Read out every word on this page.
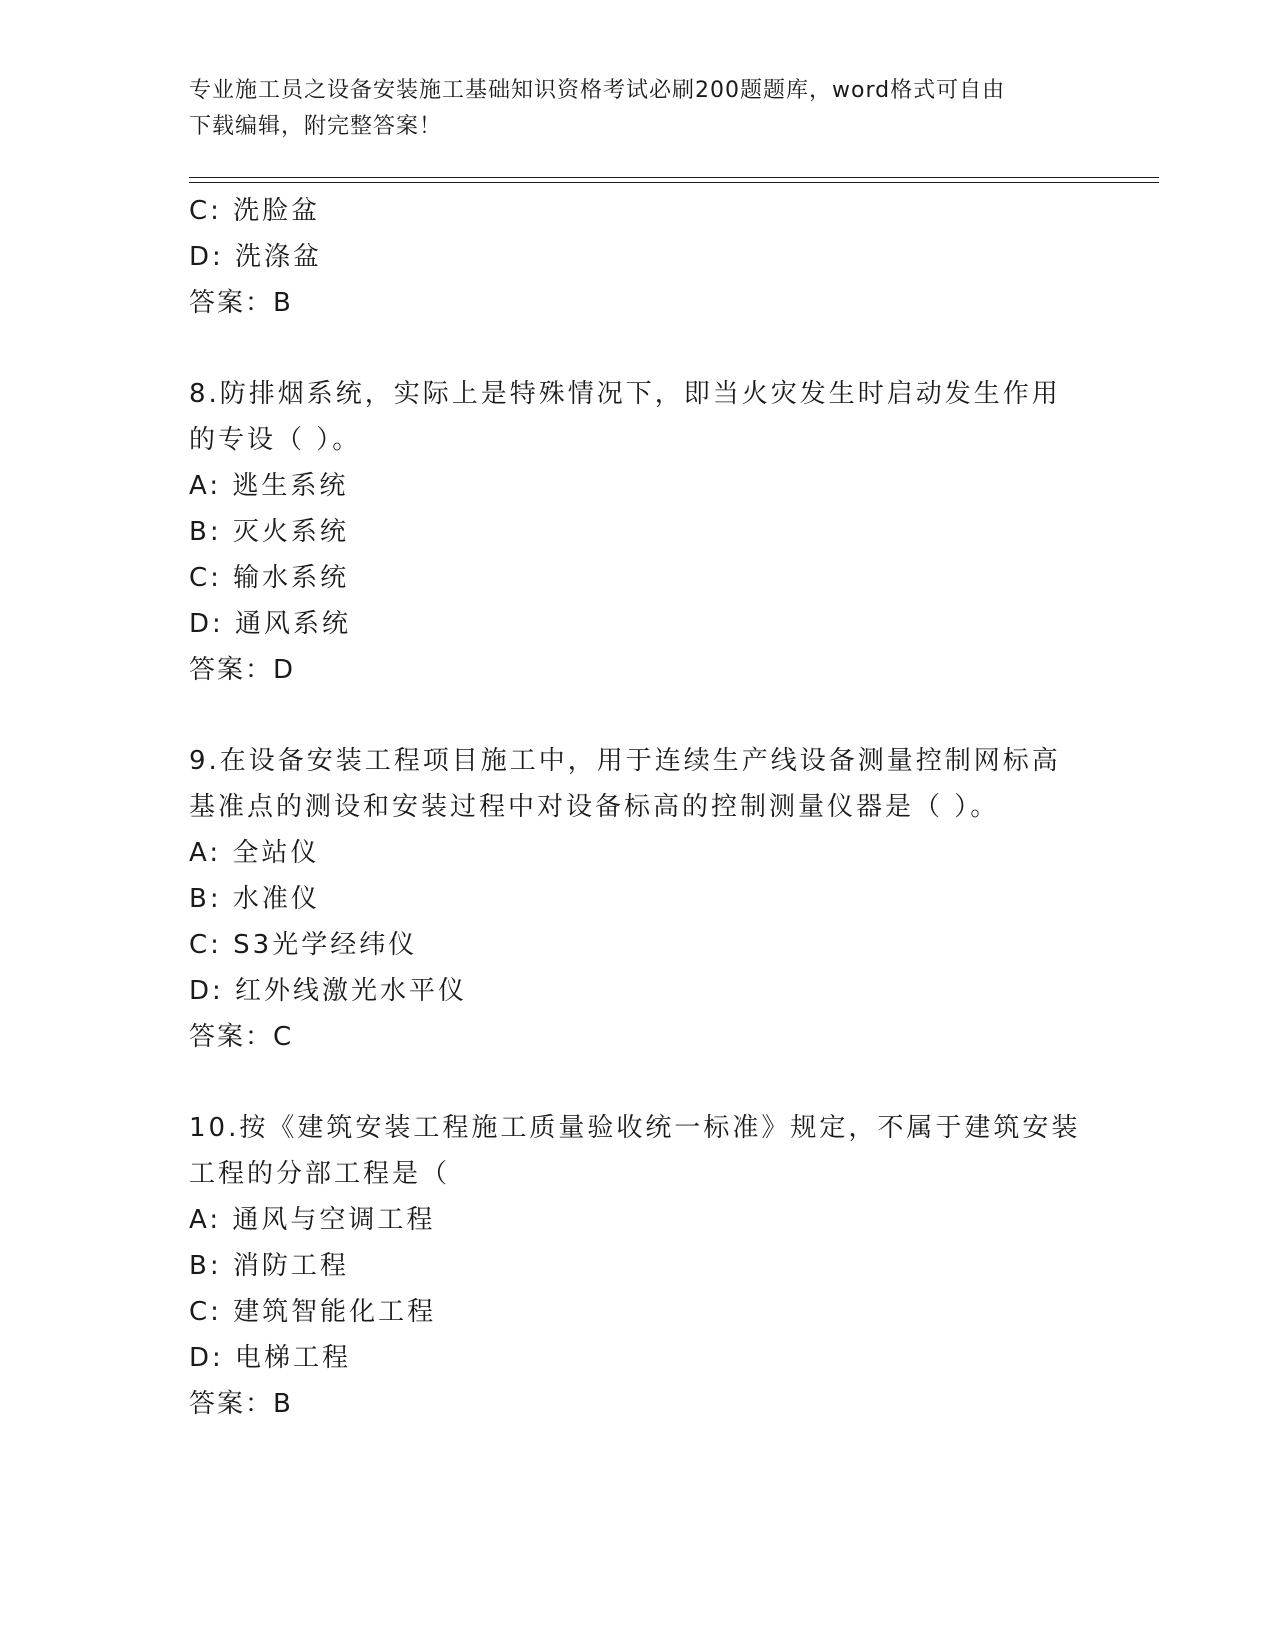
专业施工员之设备安装施工基础知识资格考试必刷200题题库，word格式可自由
下载编辑，附完整答案！
C: 洗脸盆
D: 洗涤盆
答案：B
8.防排烟系统，实际上是特殊情况下，即当火灾发生时启动发生作用
的专设（ ）。
A: 逃生系统
B: 灭火系统
C: 输水系统
D: 通风系统
答案：D
9.在设备安装工程项目施工中，用于连续生产线设备测量控制网标高
基准点的测设和安装过程中对设备标高的控制测量仪器是（ ）。
A: 全站仪
B: 水准仪
C: S3光学经纬仪
D: 红外线激光水平仪
答案：C
10.按《建筑安装工程施工质量验收统一标准》规定，不属于建筑安装
工程的分部工程是（
A: 通风与空调工程
B: 消防工程
C: 建筑智能化工程
D: 电梯工程
答案：B
